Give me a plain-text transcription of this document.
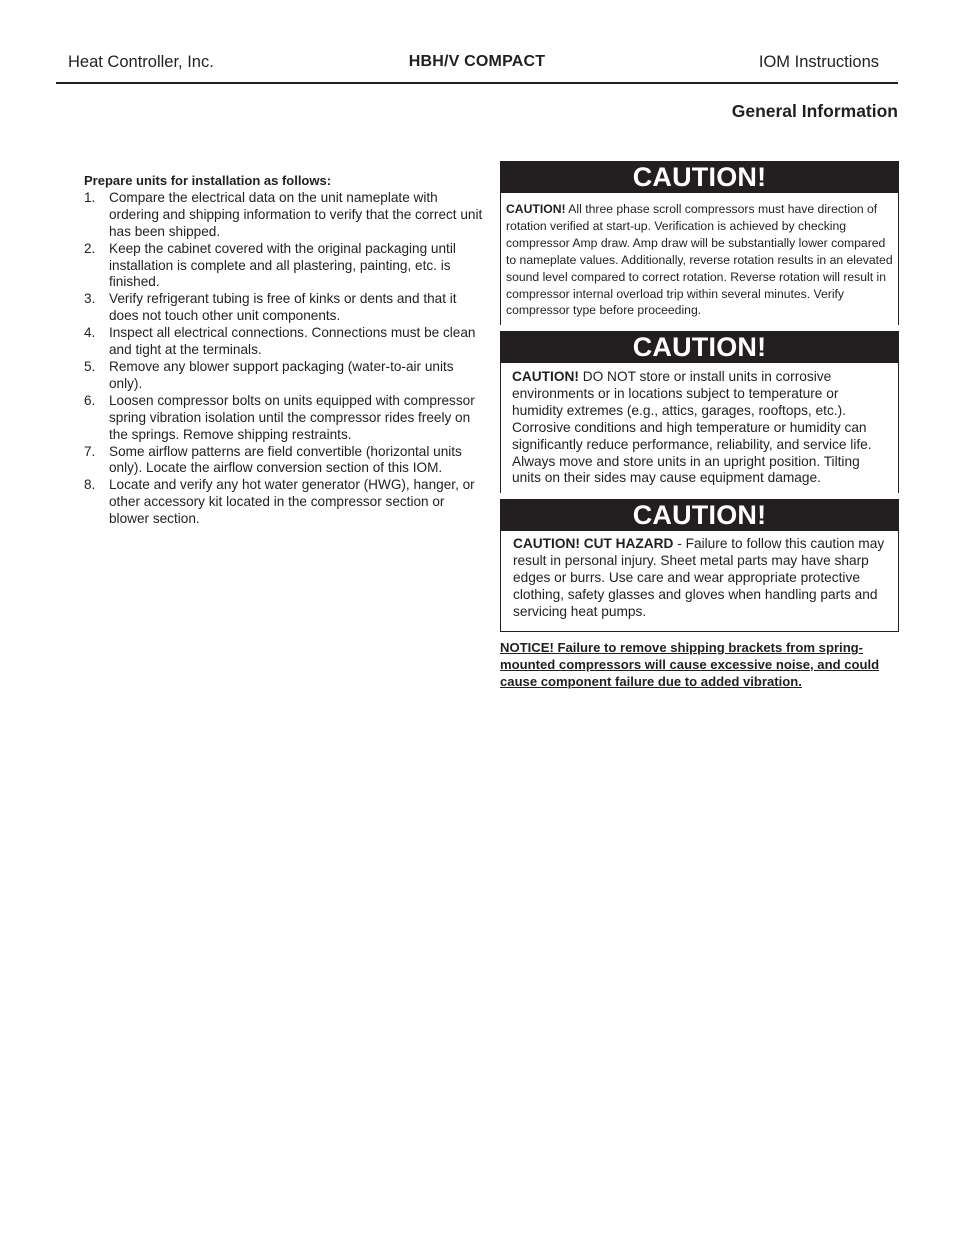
Heat Controller, Inc.	HBH/V COMPACT	IOM Instructions
General Information
Prepare units for installation as follows:
1.	Compare the electrical data on the unit nameplate with ordering and shipping information to verify that the correct unit has been shipped.
2.	Keep the cabinet covered with the original packaging until installation is complete and all plastering, painting, etc. is finished.
3.	Verify refrigerant tubing is free of kinks or dents and that it does not touch other unit components.
4.	Inspect all electrical connections. Connections must be clean and tight at the terminals.
5.	Remove any blower support packaging (water-to-air units only).
6.	Loosen compressor bolts on units equipped with compressor spring vibration isolation until the compressor rides freely on the springs. Remove shipping restraints.
7.	Some airflow patterns are field convertible (horizontal units only). Locate the airflow conversion section of this IOM.
8.	Locate and verify any hot water generator (HWG), hanger, or other accessory kit located in the compressor section or blower section.
CAUTION!
CAUTION! All three phase scroll compressors must have direction of rotation verified at start-up. Verification is achieved by checking compressor Amp draw. Amp draw will be substantially lower compared to nameplate values. Additionally, reverse rotation results in an elevated sound level compared to correct rotation. Reverse rotation will result in compressor internal overload trip within several minutes. Verify compressor type before proceeding.
CAUTION!
CAUTION! DO NOT store or install units in corrosive environments or in locations subject to temperature or humidity extremes (e.g., attics, garages, rooftops, etc.). Corrosive conditions and high temperature or humidity can significantly reduce performance, reliability, and service life. Always move and store units in an upright position. Tilting units on their sides may cause equipment damage.
CAUTION!
CAUTION! CUT HAZARD - Failure to follow this caution may result in personal injury. Sheet metal parts may have sharp edges or burrs. Use care and wear appropriate protective clothing, safety glasses and gloves when handling parts and servicing heat pumps.
NOTICE! Failure to remove shipping brackets from spring-mounted compressors will cause excessive noise, and could cause component failure due to added vibration.
